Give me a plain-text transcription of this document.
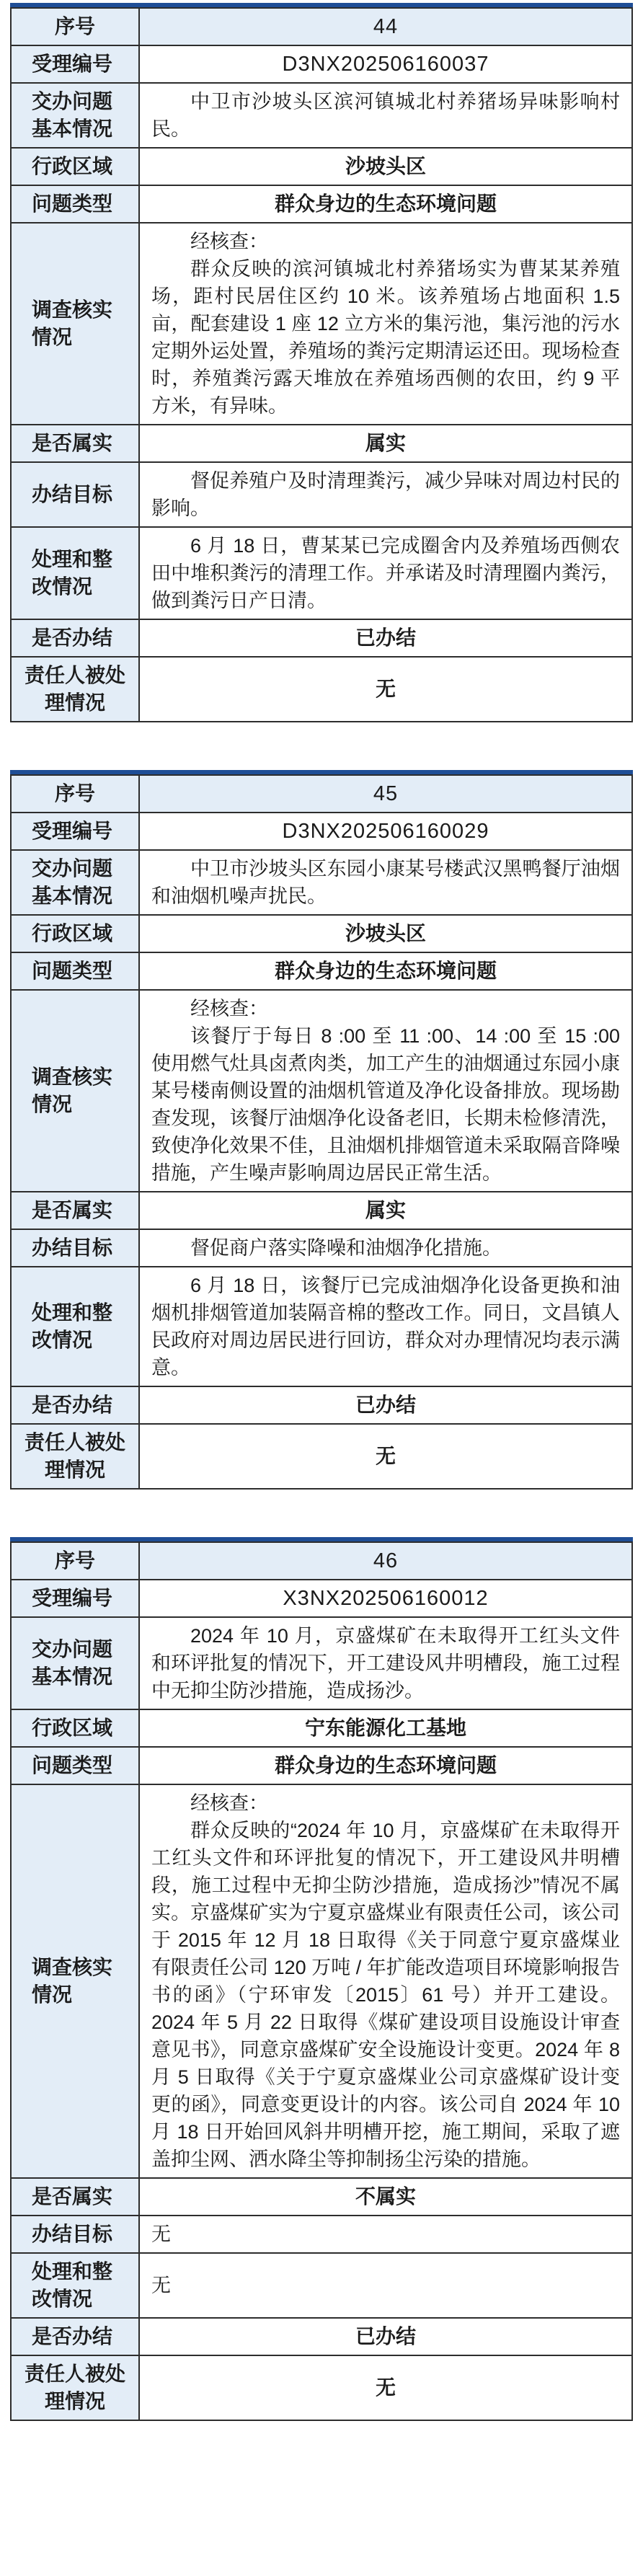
序号	44
受理编号	D3NX202506160037
交办问题基本情况	中卫市沙坡头区滨河镇城北村养猪场异味影响村民。

行政区域	沙坡头区
问题类型	群众身边的生态环境问题
调查核实情况	经核查：
群众反映的滨河镇城北村养猪场实为曹某某养殖场，距村民居住区约 10 米。该养殖场占地面积 1.5 亩，配套建设 1 座 12 立方米的集污池，集污池的污水定期外运处置，养殖场的粪污定期清运还田。现场检查时，养殖粪污露天堆放在养殖场西侧的农田，约 9 平方米，有异味。

是否属实	属实
办结目标	督促养殖户及时清理粪污，减少异味对周边村民的影响。

处理和整改情况	6 月 18 日，曹某某已完成圈舍内及养殖场西侧农田中堆积粪污的清理工作。并承诺及时清理圈内粪污，做到粪污日产日清。

是否办结	已办结
责任人被处理情况	无
序号	45
受理编号	D3NX202506160029
交办问题基本情况	中卫市沙坡头区东园小康某号楼武汉黑鸭餐厅油烟和油烟机噪声扰民。

行政区域	沙坡头区
问题类型	群众身边的生态环境问题
调查核实情况	经核查：
该餐厅于每日 8 :00 至 11 :00、14 :00 至 15 :00 使用燃气灶具卤煮肉类，加工产生的油烟通过东园小康某号楼南侧设置的油烟机管道及净化设备排放。现场勘查发现，该餐厅油烟净化设备老旧，长期未检修清洗，致使净化效果不佳，且油烟机排烟管道未采取隔音降噪措施，产生噪声影响周边居民正常生活。

是否属实	属实
办结目标	督促商户落实降噪和油烟净化措施。

处理和整改情况	6 月 18 日，该餐厅已完成油烟净化设备更换和油烟机排烟管道加装隔音棉的整改工作。同日，文昌镇人民政府对周边居民进行回访，群众对办理情况均表示满意。

是否办结	已办结
责任人被处理情况	无
序号	46
受理编号	X3NX202506160012
交办问题基本情况	2024 年 10 月，京盛煤矿在未取得开工红头文件和环评批复的情况下，开工建设风井明槽段，施工过程中无抑尘防沙措施，造成扬沙。

行政区域	宁东能源化工基地
问题类型	群众身边的生态环境问题
调查核实情况	经核查：
群众反映的“2024 年 10 月，京盛煤矿在未取得开工红头文件和环评批复的情况下，开工建设风井明槽段，施工过程中无抑尘防沙措施，造成扬沙”情况不属实。京盛煤矿实为宁夏京盛煤业有限责任公司，该公司于 2015 年 12 月 18 日取得《关于同意宁夏京盛煤业有限责任公司 120 万吨 / 年扩能改造项目环境影响报告书的函》（宁环审发〔2015〕61 号）并开工建设。2024 年 5 月 22 日取得《煤矿建设项目设施设计审查意见书》，同意京盛煤矿安全设施设计变更。2024 年 8 月 5 日取得《关于宁夏京盛煤业公司京盛煤矿设计变更的函》，同意变更设计的内容。该公司自 2024 年 10 月 18 日开始回风斜井明槽开挖，施工期间，采取了遮盖抑尘网、洒水降尘等抑制扬尘污染的措施。

是否属实	不属实
办结目标	无

处理和整改情况	无

是否办结	已办结
责任人被处理情况	无
